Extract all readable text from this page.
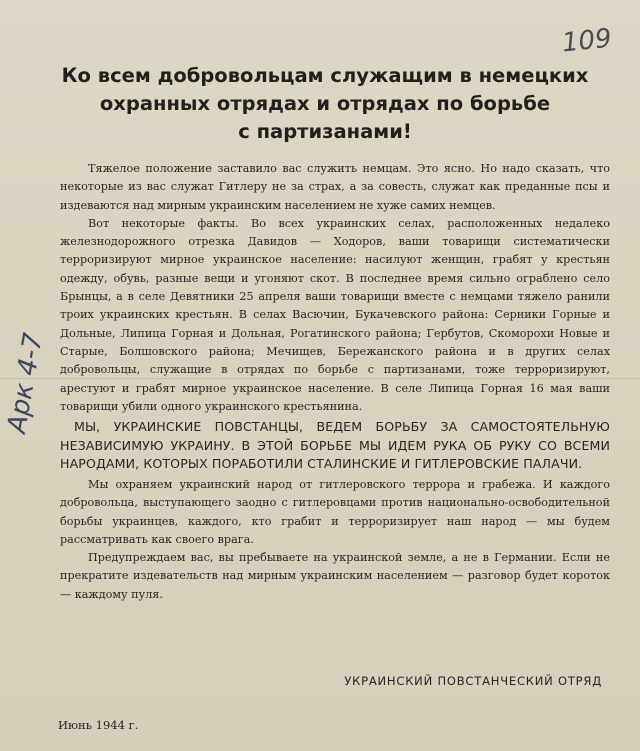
109
Арк 4-7
Ко всем добровольцам служащим в немецких
охранных отрядах и отрядах по борьбе
с партизанами!

Тяжелое положение заставило вас служить немцам. Это ясно. Но надо сказать, что некоторые из вас служат Гитлеру не за страх, а за совесть, служат как преданные псы и издеваются над мирным украинским населением не хуже самих немцев.

Вот некоторые факты. Во всех украинских селах, расположенных недалеко железнодорожного отрезка Давидов — Ходоров, ваши товарищи систематически терроризируют мирное украинское население: насилуют женщин, грабят у крестьян одежду, обувь, разные вещи и угоняют скот. В последнее время сильно ограблено село Брынцы, а в селе Девятники 25 апреля ваши товарищи вместе с немцами тяжело ранили троих украинских крестьян. В селах Васючин, Букачевского района: Серники Горные и Дольные, Липица Горная и Дольная, Рогатинского района; Гербутов, Скоморохи Новые и Старые, Болшовского района; Мечищев, Бережанского района и в других селах добровольцы, служащие в отрядах по борьбе с партизанами, тоже терроризируют, арестуют и грабят мирное украинское население. В селе Липица Горная 16 мая ваши товарищи убили одного украинского крестьянина.

МЫ, УКРАИНСКИЕ ПОВСТАНЦЫ, ВЕДЕМ БОРЬБУ ЗА САМОСТОЯТЕЛЬНУЮ НЕЗАВИСИМУЮ УКРАИНУ. В ЭТОЙ БОРЬБЕ МЫ ИДЕМ РУКА ОБ РУКУ СО ВСЕМИ НАРОДАМИ, КОТОРЫХ ПОРАБОТИЛИ СТАЛИНСКИЕ И ГИТЛЕРОВСКИЕ ПАЛАЧИ.

Мы охраняем украинский народ от гитлеровского террора и грабежа. И каждого добровольца, выступающего заодно с гитлеровцами против национально-освободительной борьбы украинцев, каждого, кто грабит и терроризирует наш народ — мы будем рассматривать как своего врага.

Предупреждаем вас, вы пребываете на украинской земле, а не в Германии. Если не прекратите издевательств над мирным украинским населением — разговор будет короток — каждому пуля.

УКРАИНСКИЙ ПОВСТАНЧЕСКИЙ ОТРЯД
Июнь 1944 г.
